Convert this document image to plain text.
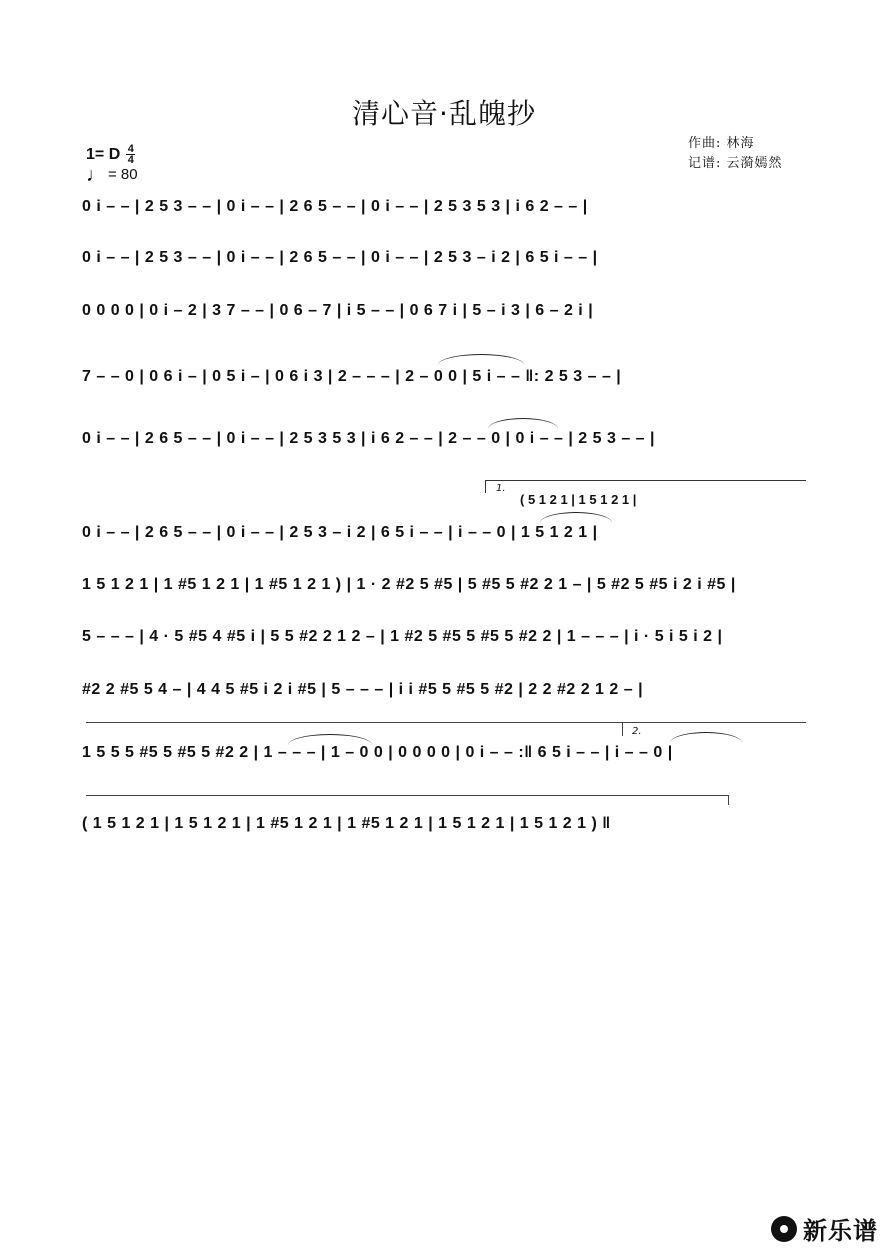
清心音·乱魄抄
作曲: 林海
记谱: 云漪嫣然
1= D $\frac{4}{4}$
♩ = 80
0 i – – | 2 5 3 – – | 0 i – – | 2 6 5 – – | 0 i – – | 2 5 3 5 3 | i 6 2 – – |
0 i – – | 2 5 3 – – | 0 i – – | 2 6 5 – – | 0 i – – | 2 5 3 – i 2 | 6 5 i – – |
0 0 0 0 | 0 i – 2 | 3 7 – – | 0 6 – 7 | i 5 – – | 0 6 7 i | 5 – i 3 | 6 – 2 i |
7 – – 0 | 0 6 i – | 0 5 i – | 0 6 i 3 | 2 – – – | 2 – 0 0 | 5 i – – ‖: 2 5 3 – – |
0 i – – | 2 6 5 – – | 0 i – – | 2 5 3 5 3 | i 6 2 – – | 2 – – 0 | 0 i – – | 2 5 3 – – |
1.
( 5 1 2 1 | 1 5 1 2 1 |
0 i – – | 2 6 5 – – | 0 i – – | 2 5 3 – i 2 | 6 5 i – – | i – – 0 | 1 5 1 2 1 |
1 5 1 2 1 | 1 #5 1 2 1 | 1 #5 1 2 1 ) | 1 · 2 #2 5 #5 | 5 #5 5 #2 2 1 – | 5 #2 5 #5 i 2 i #5 |
5 – – – | 4 · 5 #5 4 #5 i | 5 5 #2 2 1 2 – | 1 #2 5 #5 5 #5 5 #2 2 | 1 – – – | i · 5 i 5 i 2 |
#2 2 #5 5 4 – | 4 4 5 #5 i 2 i #5 | 5 – – – | i i #5 5 #5 5 #2 | 2 2 #2 2 1 2 – |
2.
1 5 5 5 #5 5 #5 5 #2 2 | 1 – – – | 1 – 0 0 | 0 0 0 0 | 0 i – – :‖ 6 5 i – – | i – – 0 |
( 1 5 1 2 1 | 1 5 1 2 1 | 1 #5 1 2 1 | 1 #5 1 2 1 | 1 5 1 2 1 | 1 5 1 2 1 ) ‖
新乐谱
